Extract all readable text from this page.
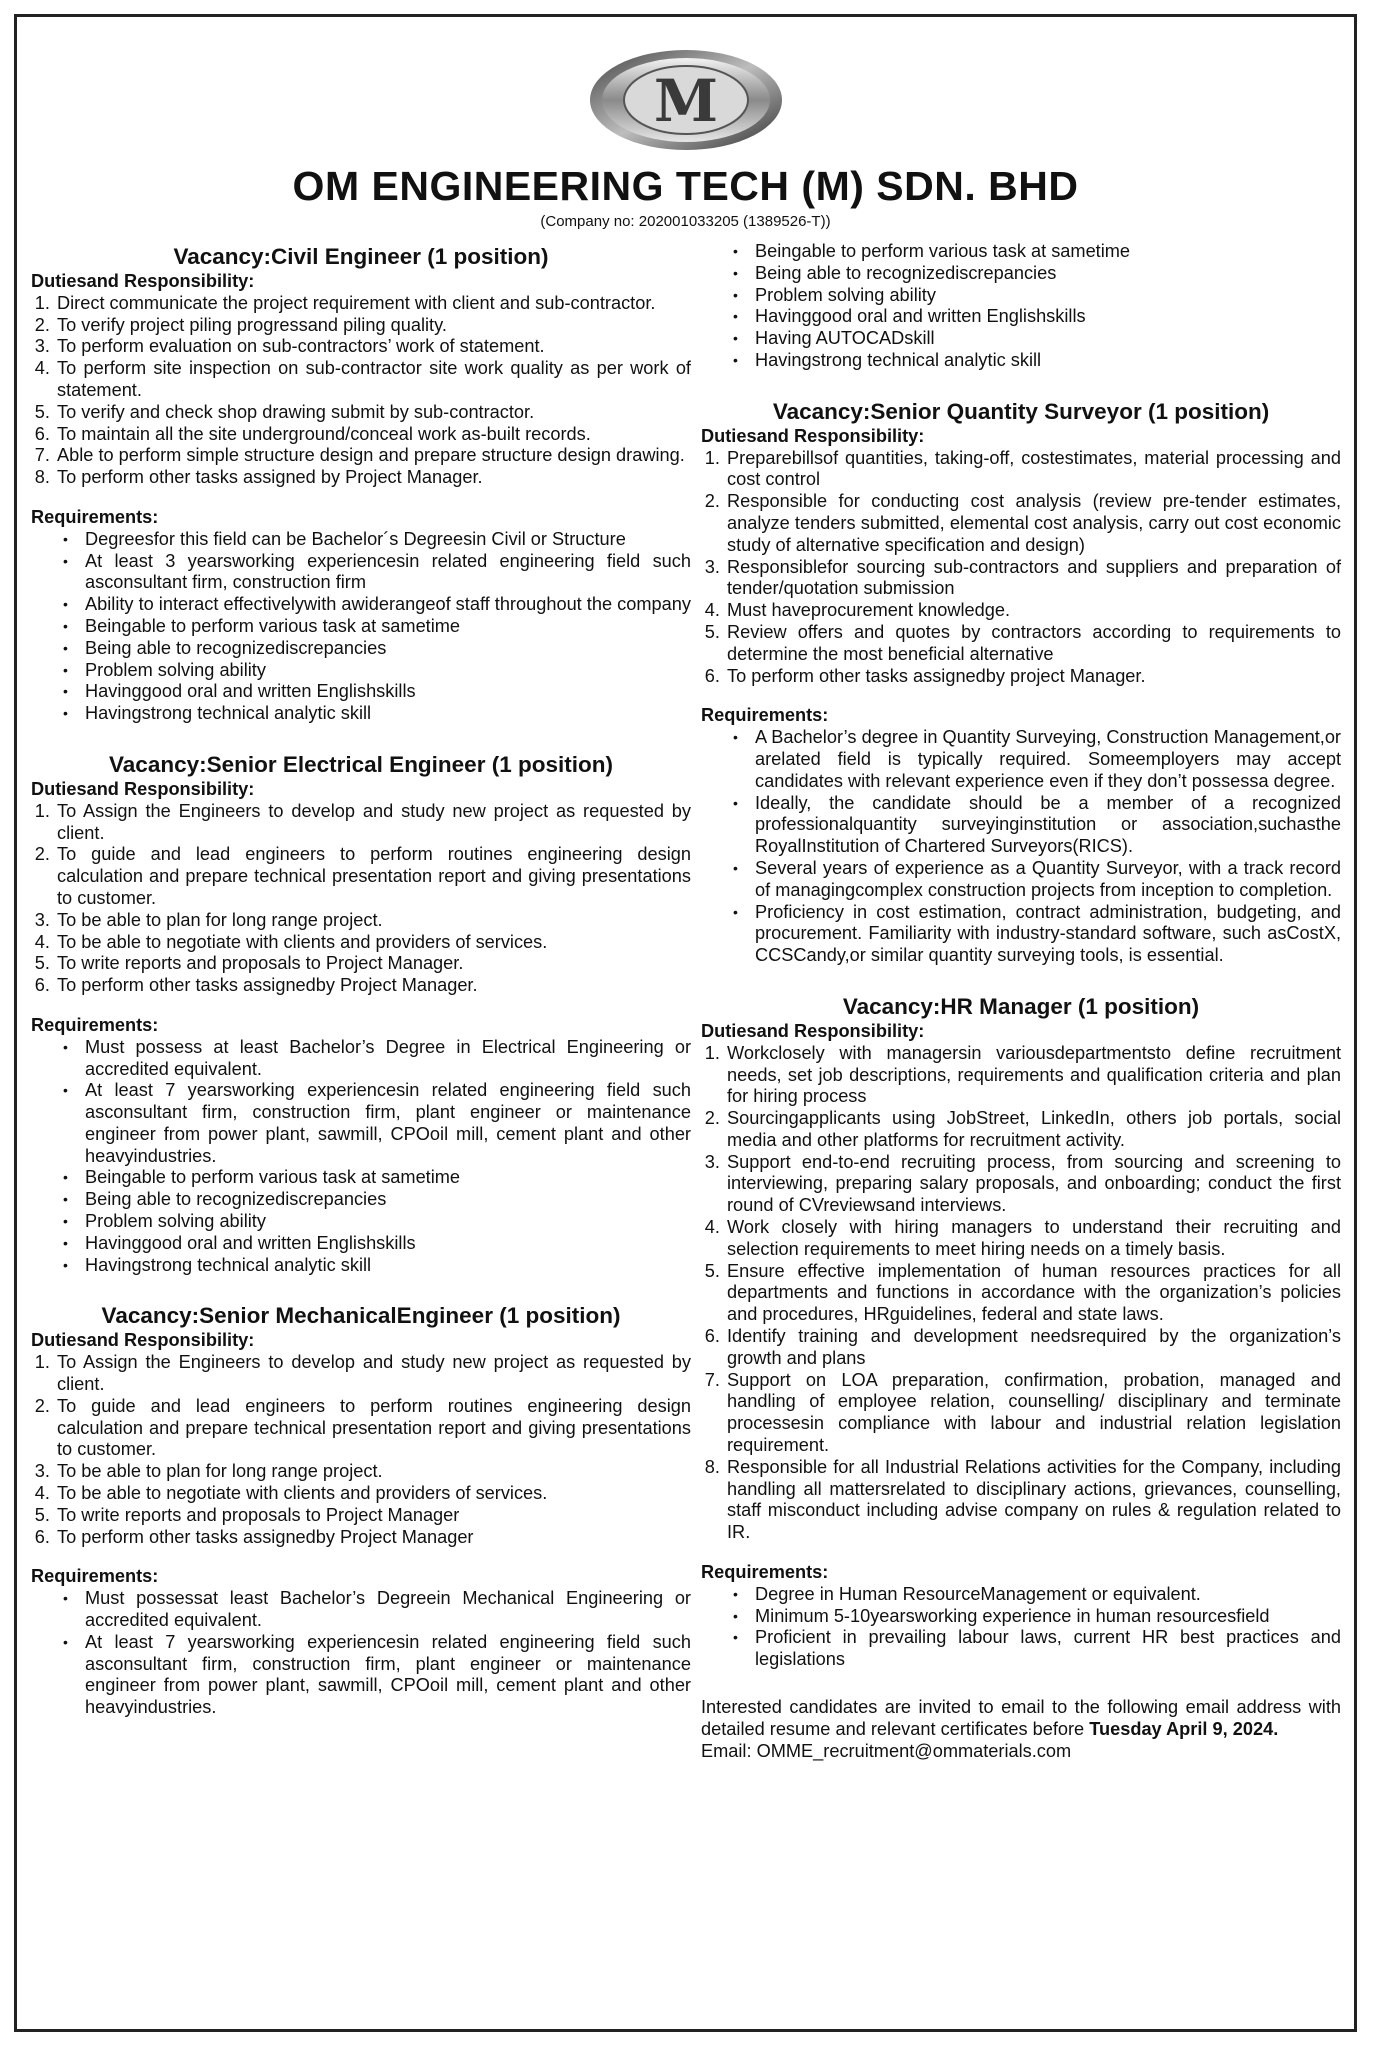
M
OM ENGINEERING TECH (M) SDN. BHD
(Company no: 202001033205 (1389526-T))

Vacancy:Civil Engineer (1 position)

Dutiesand Responsibility:

1. Direct communicate the project requirement with client and sub-contractor.
2. To verify project piling progressand piling quality.
3. To perform evaluation on sub-contractors’ work of statement.
4. To perform site inspection on sub-contractor site work quality as per work of statement.
5. To verify and check shop drawing submit by sub-contractor.
6. To maintain all the site underground/conceal work as-built records.
7. Able to perform simple structure design and prepare structure design drawing.
8. To perform other tasks assigned by Project Manager.

Requirements:

• Degreesfor this field can be Bachelor´s Degreesin Civil or Structure
• At least 3 yearsworking experiencesin related engineering field such asconsultant firm, construction firm
• Ability to interact effectivelywith awiderangeof staff throughout the company
• Beingable to perform various task at sametime
• Being able to recognizediscrepancies
• Problem solving ability
• Havinggood oral and written Englishskills
• Havingstrong technical analytic skill

Vacancy:Senior Electrical Engineer (1 position)

Dutiesand Responsibility:

1. To Assign the Engineers to develop and study new project as requested by client.
2. To guide and lead engineers to perform routines engineering design calculation and prepare technical presentation report and giving presentations to customer.
3. To be able to plan for long range project.
4. To be able to negotiate with clients and providers of services.
5. To write reports and proposals to Project Manager.
6. To perform other tasks assignedby Project Manager.

Requirements:

• Must possess at least Bachelor’s Degree in Electrical Engineering or accredited equivalent.
• At least 7 yearsworking experiencesin related engineering field such asconsultant firm, construction firm, plant engineer or maintenance engineer from power plant, sawmill, CPOoil mill, cement plant and other heavyindustries.
• Beingable to perform various task at sametime
• Being able to recognizediscrepancies
• Problem solving ability
• Havinggood oral and written Englishskills
• Havingstrong technical analytic skill

Vacancy:Senior MechanicalEngineer (1 position)

Dutiesand Responsibility:

1. To Assign the Engineers to develop and study new project as requested by client.
2. To guide and lead engineers to perform routines engineering design calculation and prepare technical presentation report and giving presentations to customer.
3. To be able to plan for long range project.
4. To be able to negotiate with clients and providers of services.
5. To write reports and proposals to Project Manager
6. To perform other tasks assignedby Project Manager

Requirements:

• Must possessat least Bachelor’s Degreein Mechanical Engineering or accredited equivalent.
• At least 7 yearsworking experiencesin related engineering field such asconsultant firm, construction firm, plant engineer or maintenance engineer from power plant, sawmill, CPOoil mill, cement plant and other heavyindustries.
• Beingable to perform various task at sametime
• Being able to recognizediscrepancies
• Problem solving ability
• Havinggood oral and written Englishskills
• Having AUTOCADskill
• Havingstrong technical analytic skill

Vacancy:Senior Quantity Surveyor (1 position)

Dutiesand Responsibility:

1. Preparebillsof quantities, taking-off, costestimates, material processing and cost control
2. Responsible for conducting cost analysis (review pre-tender estimates, analyze tenders submitted, elemental cost analysis, carry out cost economic study of alternative specification and design)
3. Responsiblefor sourcing sub-contractors and suppliers and preparation of tender/quotation submission
4. Must haveprocurement knowledge.
5. Review offers and quotes by contractors according to requirements to determine the most beneficial alternative
6. To perform other tasks assignedby project Manager.

Requirements:

• A Bachelor’s degree in Quantity Surveying, Construction Management,or arelated field is typically required. Someemployers may accept candidates with relevant experience even if they don’t possessa degree.
• Ideally, the candidate should be a member of a recognized professionalquantity surveyinginstitution or association,suchasthe RoyalInstitution of Chartered Surveyors(RICS).
• Several years of experience as a Quantity Surveyor, with a track record of managingcomplex construction projects from inception to completion.
• Proficiency in cost estimation, contract administration, budgeting, and procurement. Familiarity with industry-standard software, such asCostX, CCSCandy,or similar quantity surveying tools, is essential.

Vacancy:HR Manager (1 position)

Dutiesand Responsibility:

1. Workclosely with managersin variousdepartmentsto define recruitment needs, set job descriptions, requirements and qualification criteria and plan for hiring process
2. Sourcingapplicants using JobStreet, LinkedIn, others job portals, social media and other platforms for recruitment activity.
3. Support end-to-end recruiting process, from sourcing and screening to interviewing, preparing salary proposals, and onboarding; conduct the first round of CVreviewsand interviews.
4. Work closely with hiring managers to understand their recruiting and selection requirements to meet hiring needs on a timely basis.
5. Ensure effective implementation of human resources practices for all departments and functions in accordance with the organization’s policies and procedures, HRguidelines, federal and state laws.
6. Identify training and development needsrequired by the organization’s growth and plans
7. Support on LOA preparation, confirmation, probation, managed and handling of employee relation, counselling/ disciplinary and terminate processesin compliance with labour and industrial relation legislation requirement.
8. Responsible for all Industrial Relations activities for the Company, including handling all mattersrelated to disciplinary actions, grievances, counselling, staff misconduct including advise company on rules & regulation related to IR.

Requirements:

• Degree in Human ResourceManagement or equivalent.
• Minimum 5-10yearsworking experience in human resourcesfield
• Proficient in prevailing labour laws, current HR best practices and legislations

Interested candidates are invited to email to the following email address with detailed resume and relevant certificates before Tuesday April 9, 2024.

Email: OMME_recruitment@ommaterials.com
